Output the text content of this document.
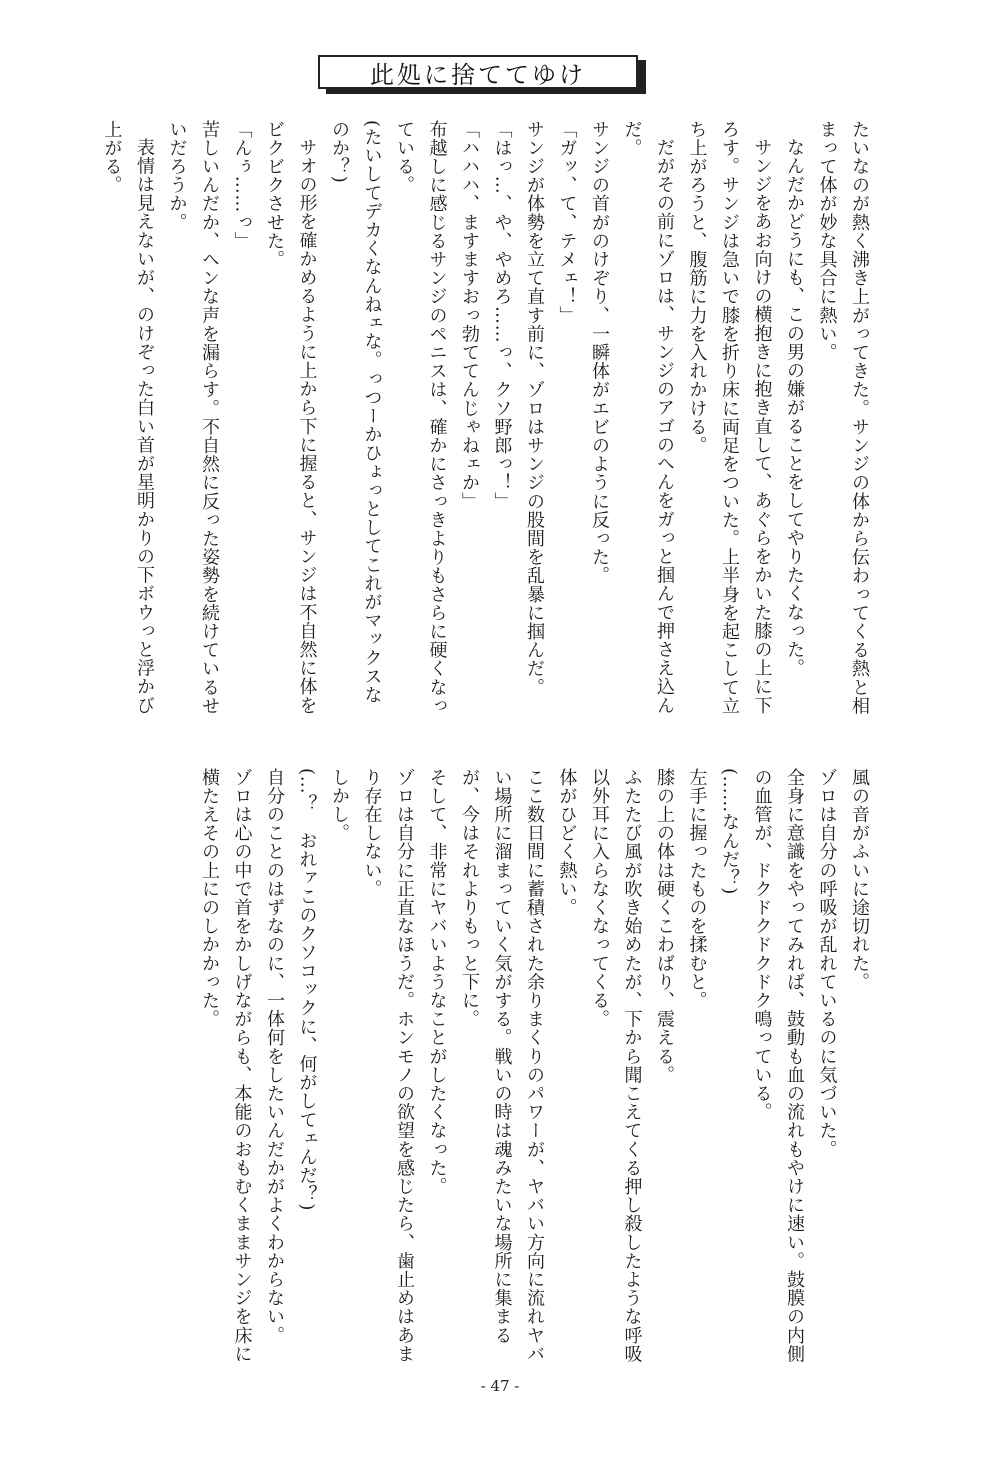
此処に捨ててゆけ

たいなのが熱く沸き上がってきた。サンジの体から伝わってくる熱と相まって体が妙な具合に熱い。

なんだかどうにも、この男の嫌がることをしてやりたくなった。

サンジをあお向けの横抱きに抱き直して、あぐらをかいた膝の上に下ろす。サンジは急いで膝を折り床に両足をついた。上半身を起こして立ち上がろうと、腹筋に力を入れかける。

だがその前にゾロは、サンジのアゴのへんをガっと掴んで押さえ込んだ。

サンジの首がのけぞり、一瞬体がエビのように反った。

「ガッ、て、テメェ！」

サンジが体勢を立て直す前に、ゾロはサンジの股間を乱暴に掴んだ。

「はっ…、や、やめろ……っ、クソ野郎っ！」

「ハハハ、ますますおっ勃ててんじゃねェか」

布越しに感じるサンジのペニスは、確かにさっきよりもさらに硬くなっている。

(たいしてデカくなんねェな。っつーかひょっとしてこれがマックスなのか？)

サオの形を確かめるように上から下に握ると、サンジは不自然に体をビクビクさせた。

「んぅ……っ」

苦しいんだか、ヘンな声を漏らす。不自然に反った姿勢を続けているせいだろうか。

表情は見えないが、のけぞった白い首が星明かりの下ボウっと浮かび上がる。

風の音がふいに途切れた。

ゾロは自分の呼吸が乱れているのに気づいた。

全身に意識をやってみれば、鼓動も血の流れもやけに速い。鼓膜の内側の血管が、ドクドクドクドク鳴っている。

(……なんだ？)

左手に握ったものを揉むと。

膝の上の体は硬くこわばり、震える。

ふたたび風が吹き始めたが、下から聞こえてくる押し殺したような呼吸以外耳に入らなくなってくる。

体がひどく熱い。

ここ数日間に蓄積された余りまくりのパワーが、ヤバい方向に流れヤバい場所に溜まっていく気がする。戦いの時は魂みたいな場所に集まるが、今はそれよりもっと下に。

そして、非常にヤバいようなことがしたくなった。

ゾロは自分に正直なほうだ。ホンモノの欲望を感じたら、歯止めはあまり存在しない。

しかし。

(…？　おれァこのクソコックに、何がしてェんだ？)

自分のことのはずなのに、一体何をしたいんだかがよくわからない。

ゾロは心の中で首をかしげながらも、本能のおもむくままサンジを床に横たえその上にのしかかった。

- 47 -
